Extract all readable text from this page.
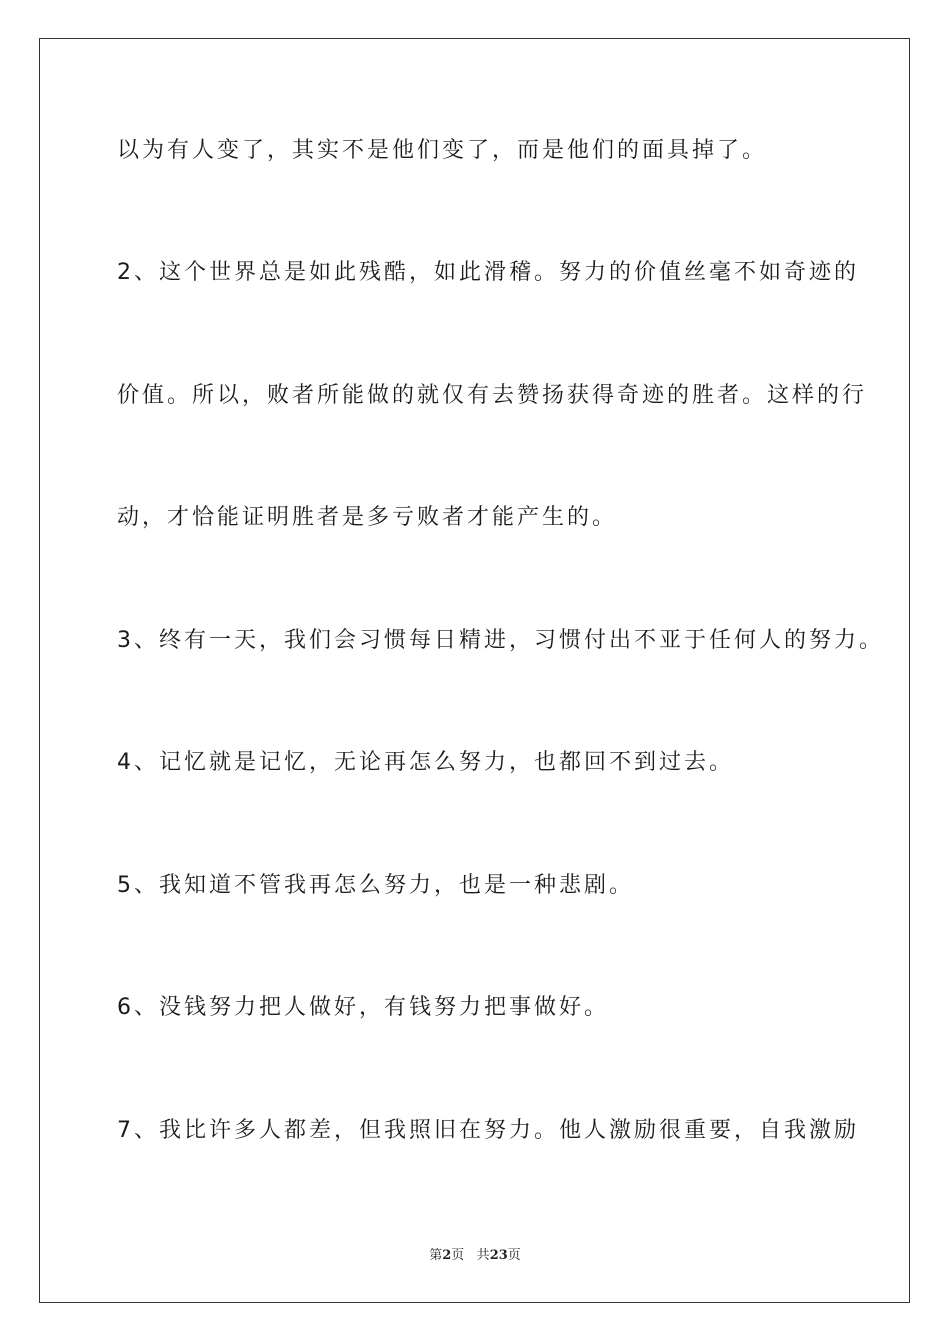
以为有人变了，其实不是他们变了，而是他们的面具掉了。
2、这个世界总是如此残酷，如此滑稽。努力的价值丝毫不如奇迹的
价值。所以，败者所能做的就仅有去赞扬获得奇迹的胜者。这样的行
动，才恰能证明胜者是多亏败者才能产生的。
3、终有一天，我们会习惯每日精进，习惯付出不亚于任何人的努力。
4、记忆就是记忆，无论再怎么努力，也都回不到过去。
5、我知道不管我再怎么努力，也是一种悲剧。
6、没钱努力把人做好，有钱努力把事做好。
7、我比许多人都差，但我照旧在努力。他人激励很重要，自我激励
第2页 共23页
